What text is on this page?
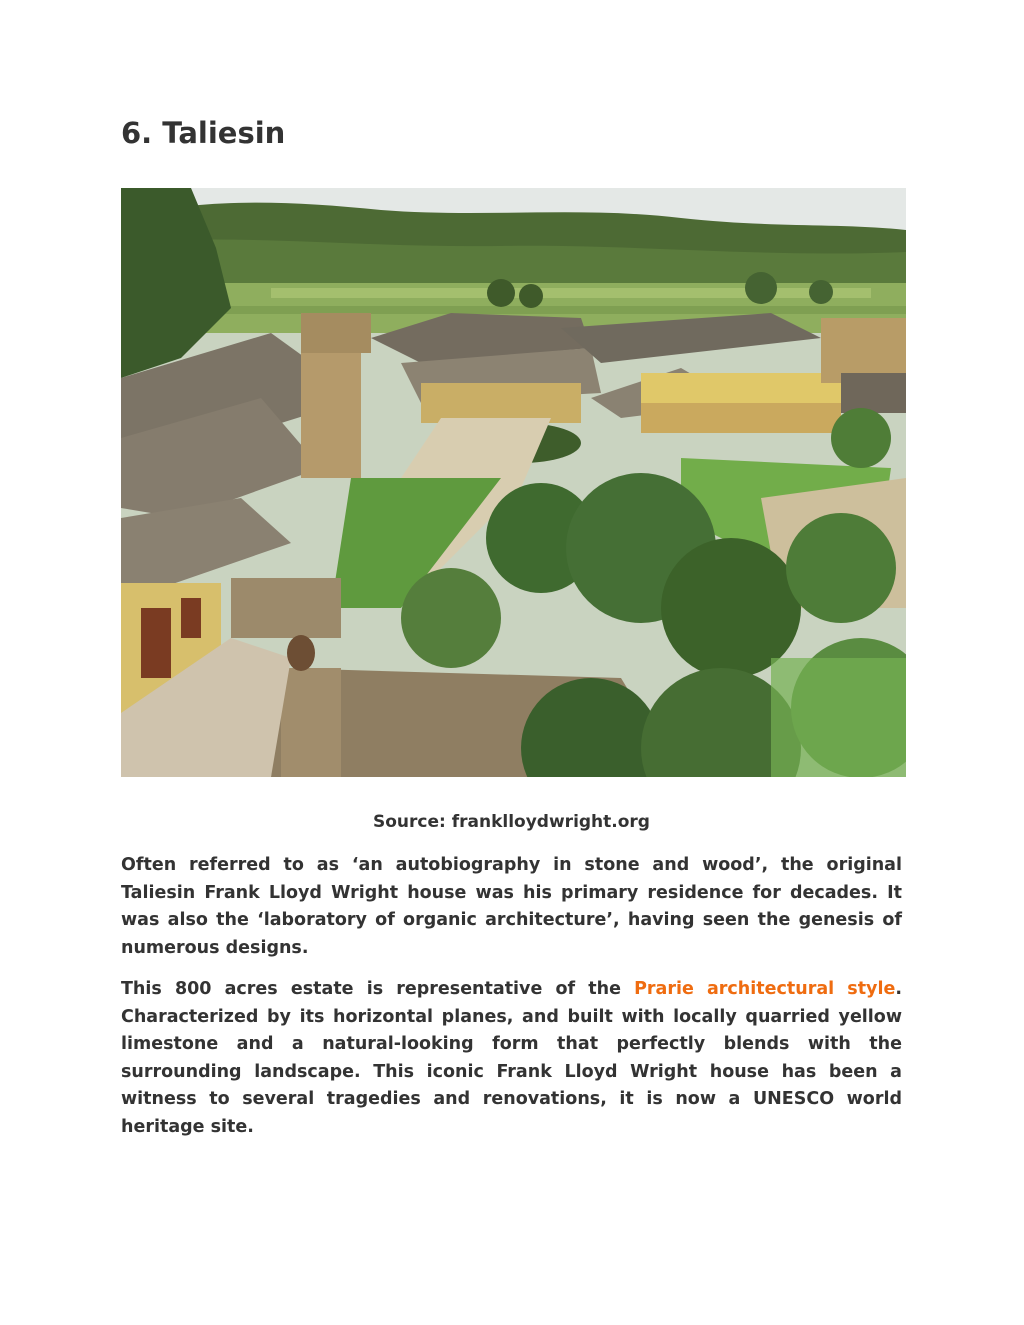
6. Taliesin
Source: franklloydwright.org

Often referred to as ‘an autobiography in stone and wood’, the original Taliesin Frank Lloyd Wright house was his primary residence for decades. It was also the ‘laboratory of organic architecture’, having seen the genesis of numerous designs.

This 800 acres estate is representative of the Prarie architectural style. Characterized by its horizontal planes, and built with locally quarried yellow limestone and a natural-looking form that perfectly blends with the surrounding landscape. This iconic Frank Lloyd Wright house has been a witness to several tragedies and renovations, it is now a UNESCO world heritage site.
